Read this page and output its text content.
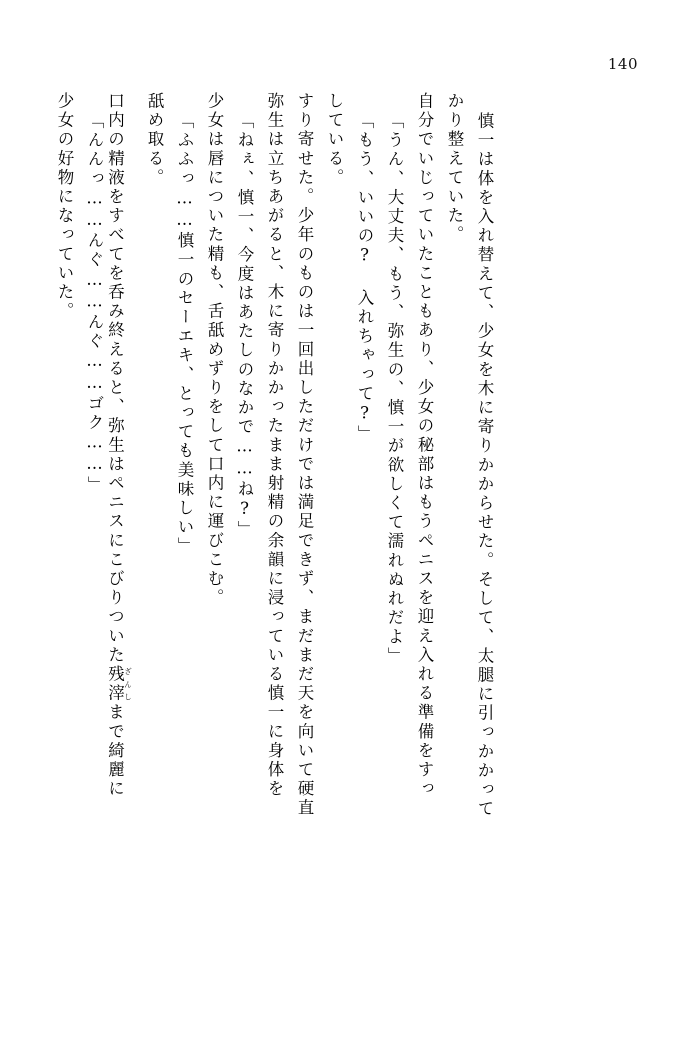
140
少女の好物になっていた。 「んんっ……んぐ……んぐ……ゴク……」 口内の精液をすべてを呑み終えると、弥生はペニスにこびりついた残滓 ざんしまで綺麗に
舐め取る。 「ふふっ……慎一のセーエキ、とっても美味しい」 少女は唇についた精も、舌舐めずりをして口内に運びこむ。 「ねぇ、慎一、今度はあたしのなかで……ね?」 弥生は立ちあがると、木に寄りかかったまま射精の余韻に浸っている慎一に身体を すり寄せた。少年のものは一回出しただけでは満足できず、まだまだ天を向いて硬直 している。 「もう、いいの? 入れちゃって?」 「うん、大丈夫、もう、弥生の、慎一が欲しくて濡れぬれだよ」 自分でいじっていたこともあり、少女の秘部はもうペニスを迎え入れる準備をすっ かり整えていた。 慎一は体を入れ替えて、少女を木に寄りかからせた。そして、太腿に引っかかって
